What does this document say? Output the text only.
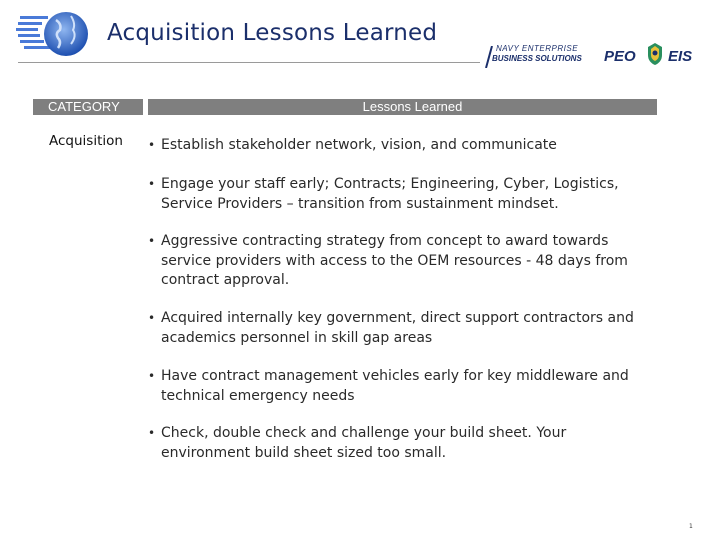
Acquisition Lessons Learned
NAVY ENTERPRISE
BUSINESS SOLUTIONS PEO EIS
CATEGORY	Lessons Learned
Acquisition • Establish stakeholder network, vision, and communicate
• Engage your staff early; Contracts; Engineering, Cyber, Logistics, Service Providers – transition from sustainment mindset.
• Aggressive contracting strategy from concept to award towards service providers with access to the OEM resources - 48 days from contract approval.
• Acquired internally key government, direct support contractors and academics personnel in skill gap areas
• Have contract management vehicles early for key middleware and technical emergency needs
• Check, double check and challenge your build sheet. Your environment build sheet sized too small.
1
